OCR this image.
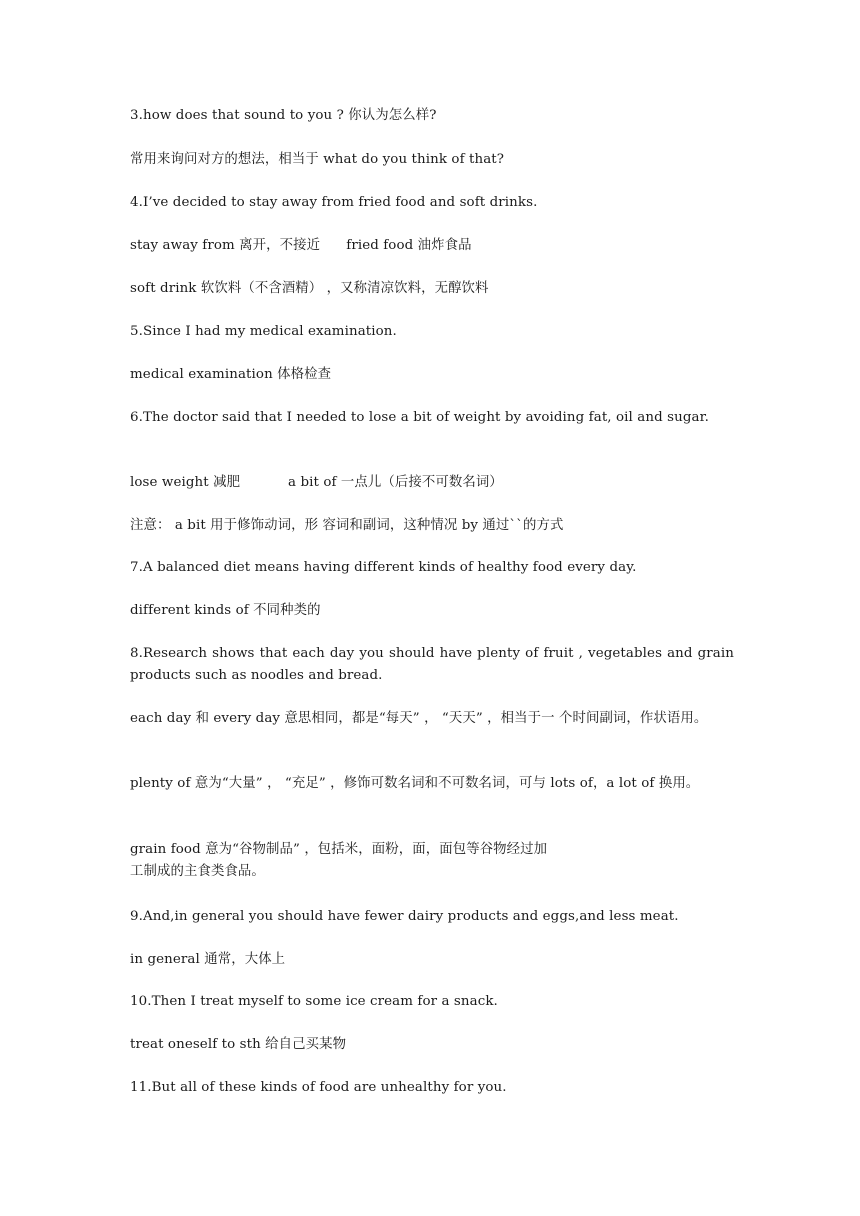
3.how does that sound to you ? 你认为怎么样?
常用来询问对方的想法，相当于 what do you think of that?
4.I’ve decided to stay away from fried food and soft drinks.
stay away from 离开，不接近      fried food 油炸食品
soft drink 软饮料（不含酒精） ，又称清凉饮料，无醇饮料
5.Since I had my medical examination.
medical examination 体格检查
6.The doctor said that I needed to lose a bit of weight by avoiding fat, oil and sugar.
lose weight 减肥           a bit of 一点儿（后接不可数名词）
注意： a bit 用于修饰动词，形 容词和副词，这种情况 by 通过``的方式
7.A balanced diet means having different kinds of healthy food every day.
different kinds of 不同种类的
8.Research shows that each day you should have plenty of fruit , vegetables and grain products such as noodles and bread.
each day 和 every day 意思相同，都是“每天” ， “天天” ，相当于一 个时间副词，作状语用。
plenty of 意为“大量” ， “充足” ，修饰可数名词和不可数名词，可与 lots of，a lot of 换用。
grain food 意为“谷物制品” ，包括米，面粉，面，面包等谷物经过加
工制成的主食类食品。
9.And,in general you should have fewer dairy products and eggs,and less meat.
in general 通常，大体上
10.Then I treat myself to some ice cream for a snack.
treat oneself to sth 给自己买某物
11.But all of these kinds of food are unhealthy for you.
